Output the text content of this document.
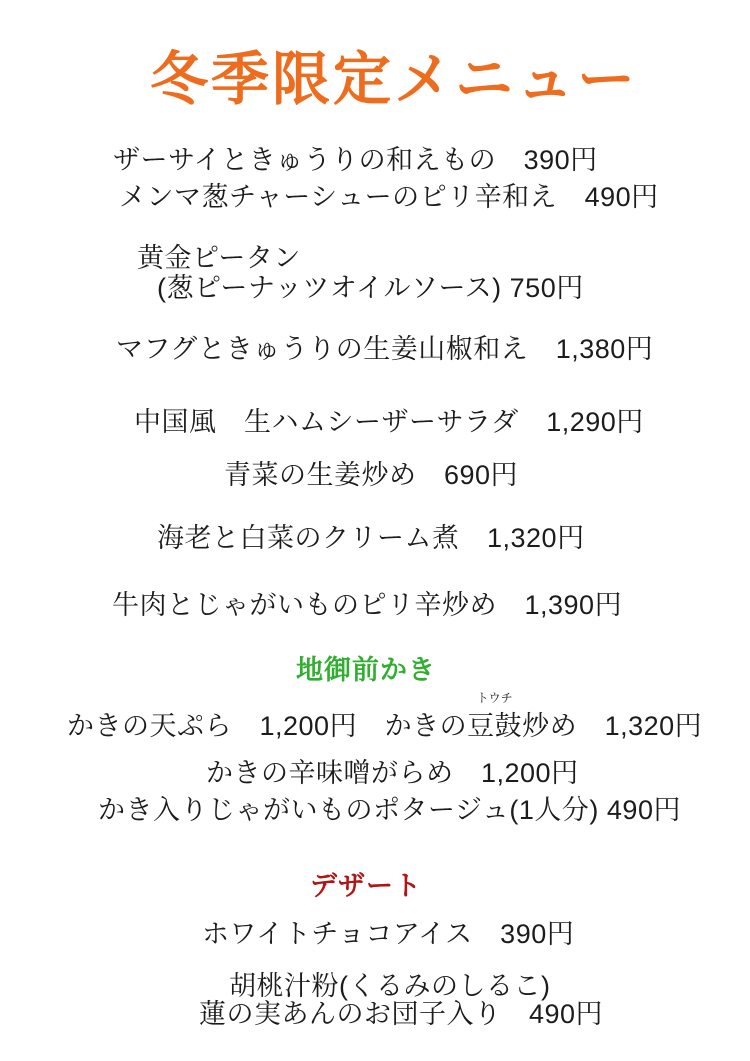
冬季限定メニュー
ザーサイときゅうりの和えもの　390円
メンマ葱チャーシューのピリ辛和え　490円
黄金ピータン
(葱ピーナッツオイルソース) 750円
マフグときゅうりの生姜山椒和え　1,380円
中国風　生ハムシーザーサラダ　1,290円
青菜の生姜炒め　690円
海老と白菜のクリーム煮　1,320円
牛肉とじゃがいものピリ辛炒め　1,390円
地御前かき
かきの天ぷら　1,200円　かきの
トウチ
豆鼓炒め　1,320円
かきの辛味噌がらめ　1,200円
かき入りじゃがいものポタージュ(1人分) 490円
デザート
ホワイトチョコアイス　390円
胡桃汁粉(くるみのしるこ)
蓮の実あんのお団子入り　490円
